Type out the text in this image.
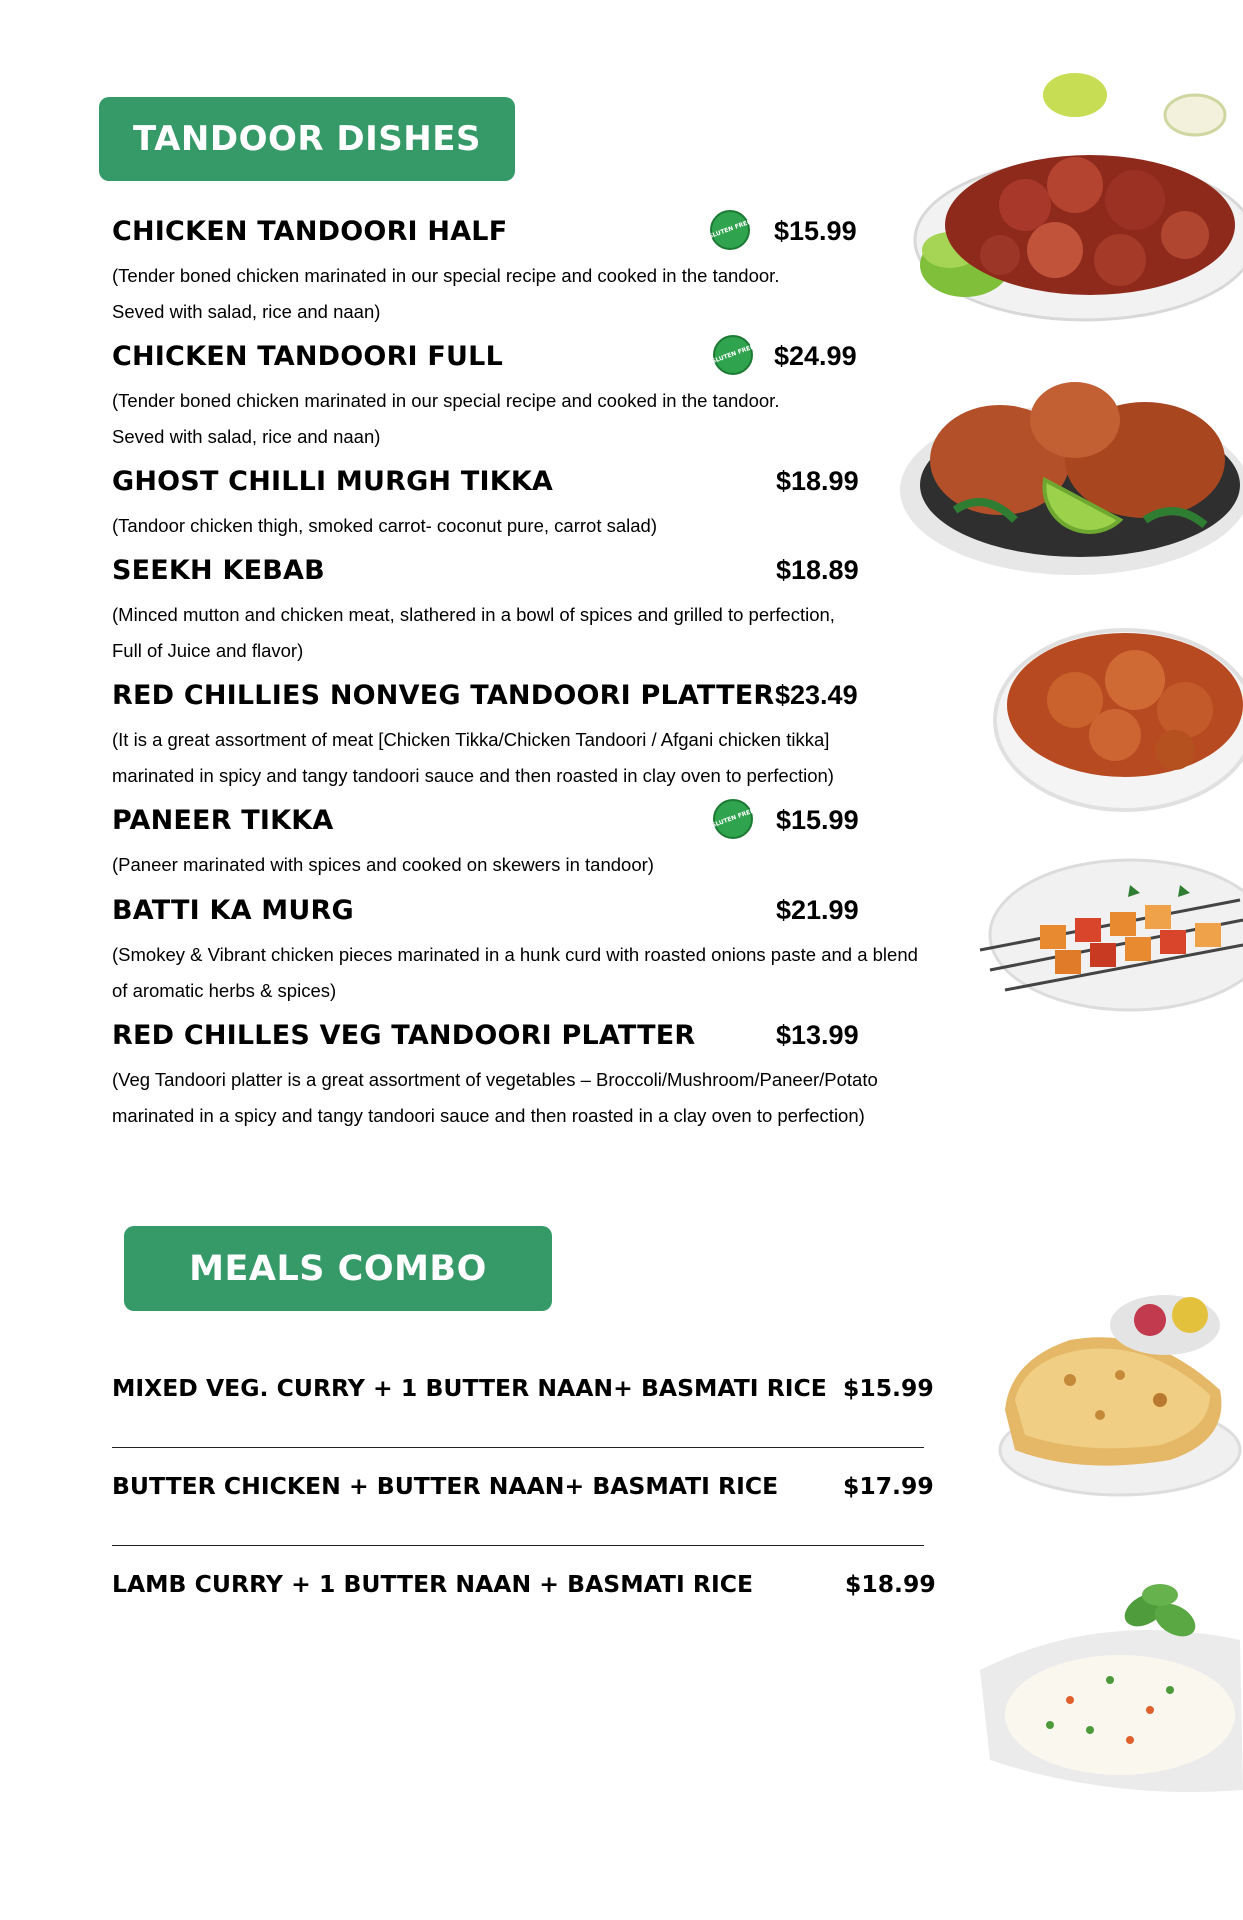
TANDOOR DISHES
CHICKEN TANDOORI HALF	GLUTEN FREE $15.99
(Tender boned chicken marinated in our special recipe and cooked in the tandoor.
Seved with salad, rice and naan)
CHICKEN TANDOORI FULL	GLUTEN FREE $24.99
(Tender boned chicken marinated in our special recipe and cooked in the tandoor.
Seved with salad, rice and naan)
GHOST CHILLI MURGH TIKKA	$18.99
(Tandoor chicken thigh, smoked carrot- coconut pure, carrot salad)
SEEKH KEBAB	$18.89
(Minced mutton and chicken meat, slathered in a bowl of spices and grilled to perfection,
Full of Juice and flavor)
RED CHILLIES NONVEG TANDOORI PLATTER $23.49
(It is a great assortment of meat [Chicken Tikka/Chicken Tandoori / Afgani chicken tikka]
marinated in spicy and tangy tandoori sauce and then roasted in clay oven to perfection)
PANEER TIKKA	GLUTEN FREE $15.99
(Paneer marinated with spices and cooked on skewers in tandoor)
BATTI KA MURG	$21.99
(Smokey & Vibrant chicken pieces marinated in a hunk curd with roasted onions paste and a blend
of aromatic herbs & spices)
RED CHILLES VEG TANDOORI PLATTER	$13.99
(Veg Tandoori platter is a great assortment of vegetables – Broccoli/Mushroom/Paneer/Potato
marinated in a spicy and tangy tandoori sauce and then roasted in a clay oven to perfection)
MEALS COMBO
MIXED VEG. CURRY + 1 BUTTER NAAN+ BASMATI RICE $15.99
BUTTER CHICKEN + BUTTER NAAN+ BASMATI RICE	$17.99
LAMB CURRY + 1 BUTTER NAAN + BASMATI RICE	$18.99
